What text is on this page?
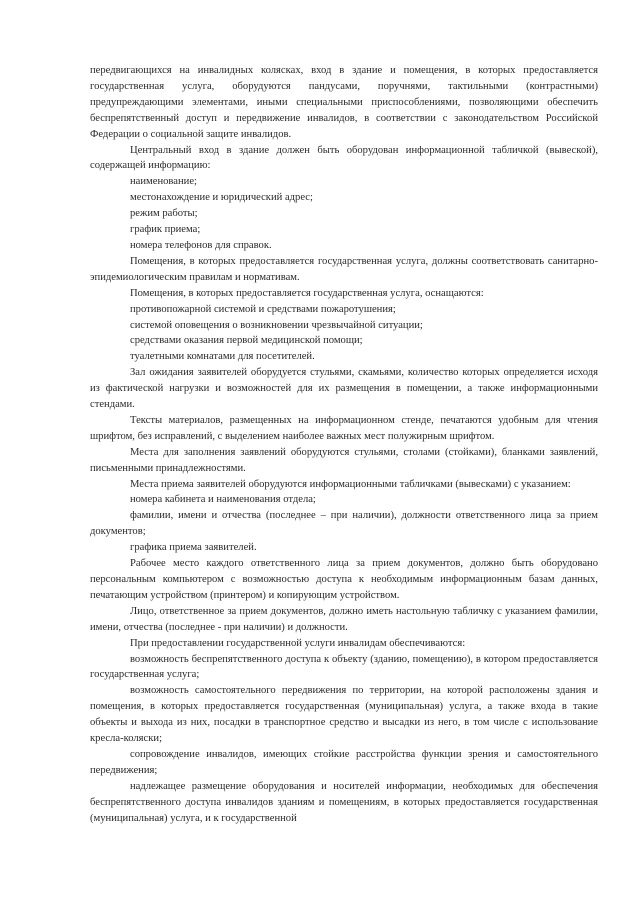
передвигающихся на инвалидных колясках, вход в здание и помещения, в которых предоставляется государственная услуга, оборудуются пандусами, поручнями, тактильными (контрастными) предупреждающими элементами, иными специальными приспособлениями, позволяющими обеспечить беспрепятственный доступ и передвижение инвалидов, в соответствии с законодательством Российской Федерации о социальной защите инвалидов.

Центральный вход в здание должен быть оборудован информационной табличкой (вывеской), содержащей информацию:

наименование;

местонахождение и юридический адрес;

режим работы;

график приема;

номера телефонов для справок.

Помещения, в которых предоставляется государственная услуга, должны соответствовать санитарно-эпидемиологическим правилам и нормативам.

Помещения, в которых предоставляется государственная услуга, оснащаются:

противопожарной системой и средствами пожаротушения;

системой оповещения о возникновении чрезвычайной ситуации;

средствами оказания первой медицинской помощи;

туалетными комнатами для посетителей.

Зал ожидания заявителей оборудуется стульями, скамьями, количество которых определяется исходя из фактической нагрузки и возможностей для их размещения в помещении, а также информационными стендами.

Тексты материалов, размещенных на информационном стенде, печатаются удобным для чтения шрифтом, без исправлений, с выделением наиболее важных мест полужирным шрифтом.

Места для заполнения заявлений оборудуются стульями, столами (стойками), бланками заявлений, письменными принадлежностями.

Места приема заявителей оборудуются информационными табличками (вывесками) с указанием:

номера кабинета и наименования отдела;

фамилии, имени и отчества (последнее – при наличии), должности ответственного лица за прием документов;

графика приема заявителей.

Рабочее место каждого ответственного лица за прием документов, должно быть оборудовано персональным компьютером с возможностью доступа к необходимым информационным базам данных, печатающим устройством (принтером) и копирующим устройством.

Лицо, ответственное за прием документов, должно иметь настольную табличку с указанием фамилии, имени, отчества (последнее - при наличии) и должности.

При предоставлении государственной услуги инвалидам обеспечиваются:

возможность беспрепятственного доступа к объекту (зданию, помещению), в котором предоставляется государственная услуга;

возможность самостоятельного передвижения по территории, на которой расположены здания и помещения, в которых предоставляется государственная (муниципальная) услуга, а также входа в такие объекты и выхода из них, посадки в транспортное средство и высадки из него, в том числе с использование кресла-коляски;

сопровождение инвалидов, имеющих стойкие расстройства функции зрения и самостоятельного передвижения;

надлежащее размещение оборудования и носителей информации, необходимых для обеспечения беспрепятственного доступа инвалидов зданиям и помещениям, в которых предоставляется государственная (муниципальная) услуга, и к государственной
